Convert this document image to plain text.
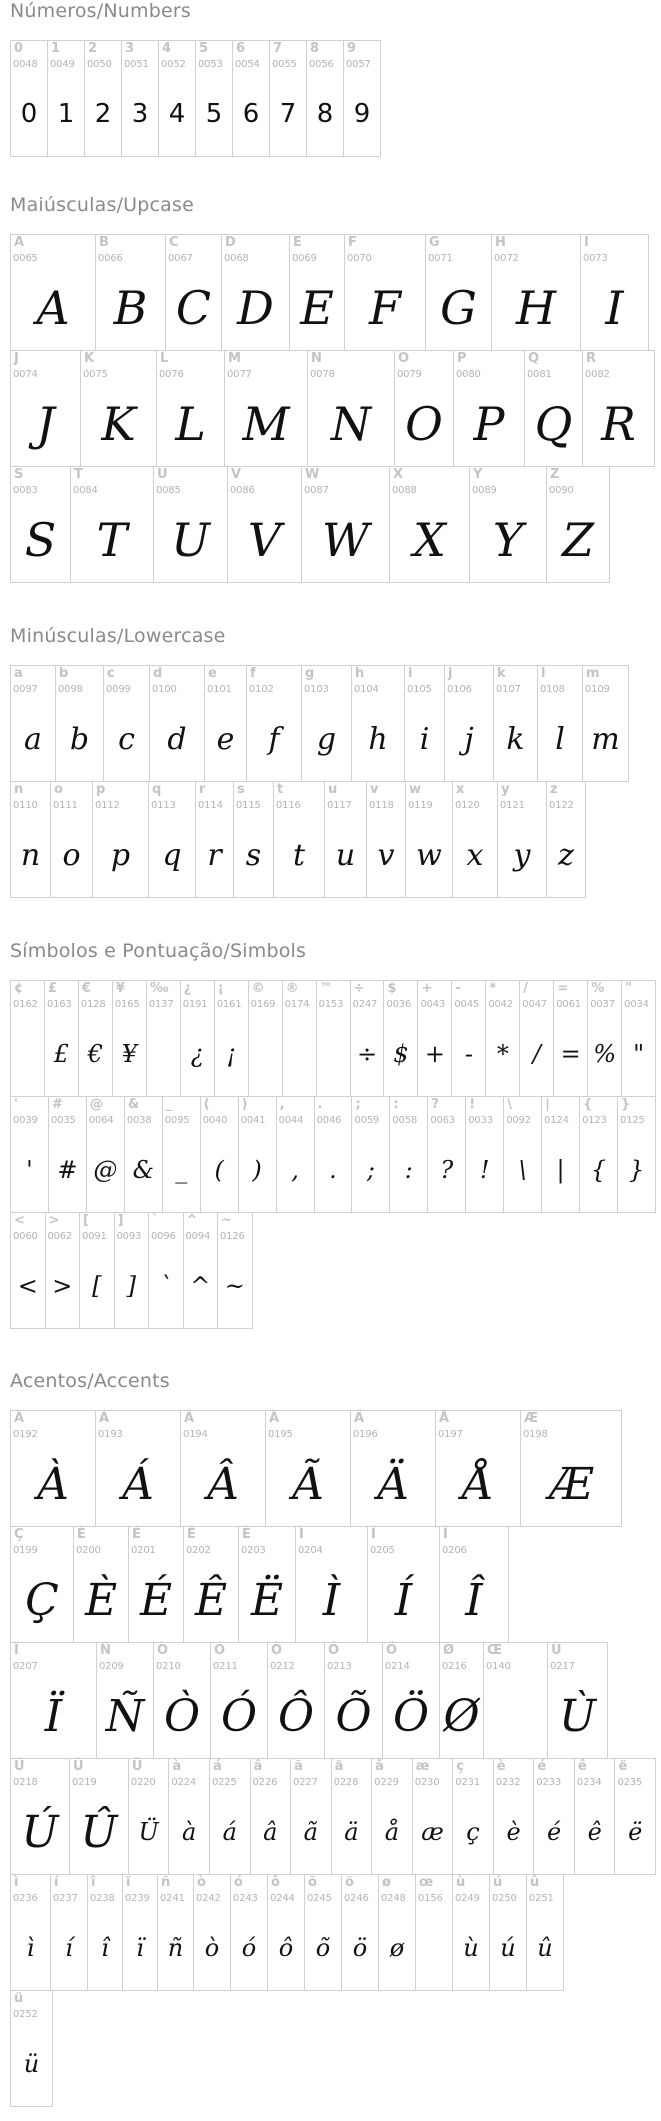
Números/Numbers
0
0048
0
1
0049
1
2
0050
2
3
0051
3
4
0052
4
5
0053
5
6
0054
6
7
0055
7
8
0056
8
9
0057
9
Maiúsculas/Upcase
A
0065
A
B
0066
B
C
0067
C
D
0068
D
E
0069
E
F
0070
F
G
0071
G
H
0072
H
I
0073
I
J
0074
J
K
0075
K
L
0076
L
M
0077
M
N
0078
N
O
0079
O
P
0080
P
Q
0081
Q
R
0082
R
S
0083
S
T
0084
T
U
0085
U
V
0086
V
W
0087
W
X
0088
X
Y
0089
Y
Z
0090
Z
Minúsculas/Lowercase
a
0097
a
b
0098
b
c
0099
c
d
0100
d
e
0101
e
f
0102
f
g
0103
g
h
0104
h
i
0105
i
j
0106
j
k
0107
k
l
0108
l
m
0109
m
n
0110
n
o
0111
o
p
0112
p
q
0113
q
r
0114
r
s
0115
s
t
0116
t
u
0117
u
v
0118
v
w
0119
w
x
0120
x
y
0121
y
z
0122
z
Símbolos e Pontuação/Simbols
¢
0162
£
0163
£
€
0128
€
¥
0165
¥
‰
0137
¿
0191
¿
¡
0161
¡
©
0169
®
0174
™
0153
÷
0247
÷
$
0036
$
+
0043
+
-
0045
-
*
0042
*
/
0047
/
=
0061
=
%
0037
%
"
0034
"
'
0039
'
#
0035
#
@
0064
@
&
0038
&
_
0095
_
(
0040
(
)
0041
)
,
0044
,
.
0046
.
;
0059
;
:
0058
:
?
0063
?
!
0033
!
\
0092
\
|
0124
|
{
0123
{
}
0125
}
<
0060
<
>
0062
>
[
0091
[
]
0093
]
`
0096
`
^
0094
^
~
0126
~
Acentos/Accents
À
0192
À
Á
0193
Á
Â
0194
Â
Ã
0195
Ã
Ä
0196
Ä
Å
0197
Å
Æ
0198
Æ
Ç
0199
Ç
È
0200
È
É
0201
É
Ê
0202
Ê
Ë
0203
Ë
Ì
0204
Ì
Í
0205
Í
Î
0206
Î
Ï
0207
Ï
Ñ
0209
Ñ
Ò
0210
Ò
Ó
0211
Ó
Ô
0212
Ô
Õ
0213
Õ
Ö
0214
Ö
Ø
0216
Ø
Œ
0140
Ù
0217
Ù
Ú
0218
Ú
Û
0219
Û
Ü
0220
Ü
à
0224
à
á
0225
á
â
0226
â
ã
0227
ã
ä
0228
ä
å
0229
å
æ
0230
æ
ç
0231
ç
è
0232
è
é
0233
é
ê
0234
ê
ë
0235
ë
ì
0236
ì
í
0237
í
î
0238
î
ï
0239
ï
ñ
0241
ñ
ò
0242
ò
ó
0243
ó
ô
0244
ô
õ
0245
õ
ö
0246
ö
ø
0248
ø
œ
0156
ù
0249
ù
ú
0250
ú
û
0251
û
ü
0252
ü
